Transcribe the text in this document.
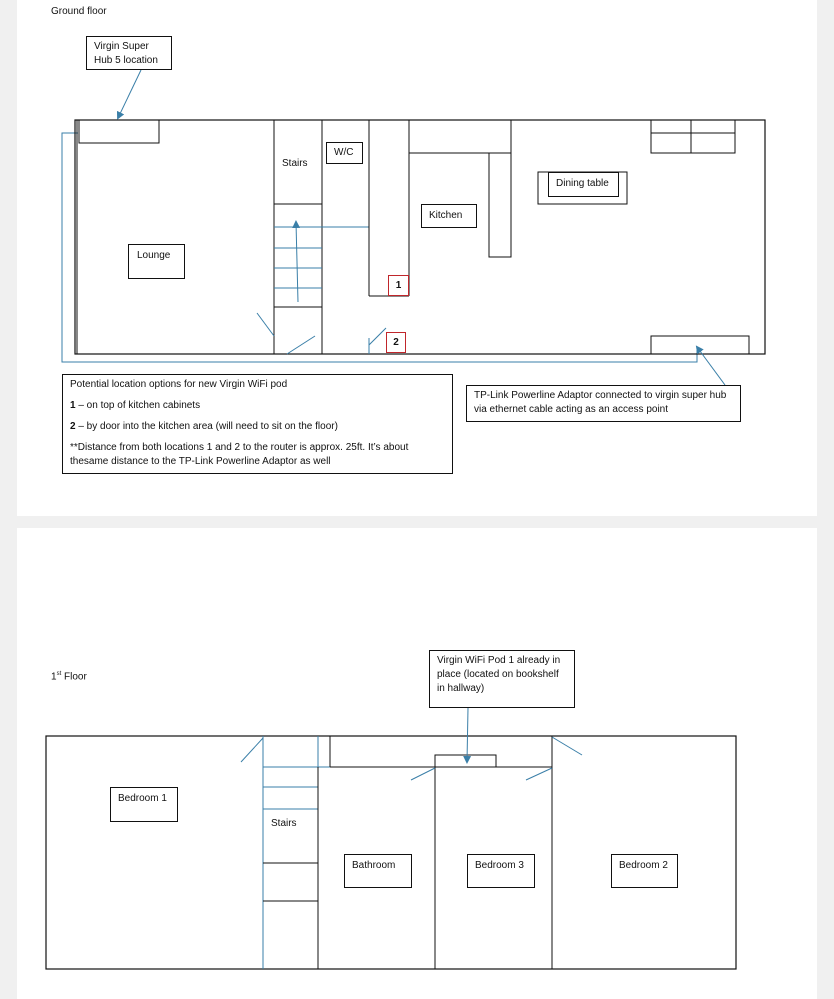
Ground floor
Virgin Super
Hub 5 location
Stairs
W/C
Kitchen
Dining table
Lounge
1
2

Potential location options for new Virgin WiFi pod

1 – on top of kitchen cabinets

2 – by door into the kitchen area (will need to sit on the floor)

**Distance from both locations 1 and 2 to the router is approx. 25ft. It’s about thesame distance to the TP-Link Powerline Adaptor as well

TP-Link Powerline Adaptor connected to virgin super hub
via ethernet cable acting as an access point
1st Floor
Virgin WiFi Pod 1 already in
place (located on bookshelf
in hallway)
Bedroom 1
Stairs
Bathroom	Bedroom 3	Bedroom 2
